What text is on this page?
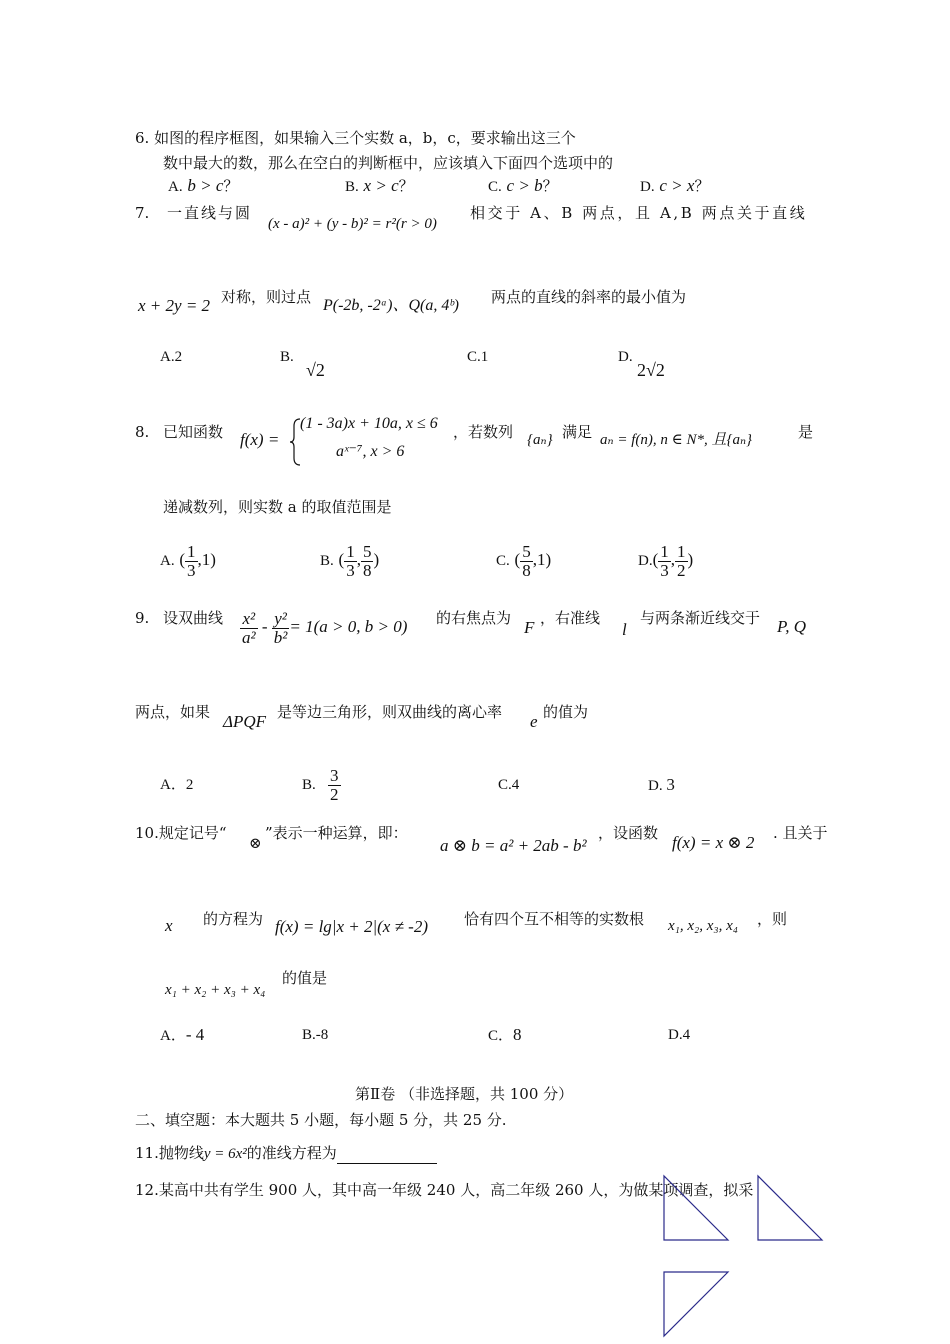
6. 如图的程序框图，如果输入三个实数 a，b，c，要求输出这三个
数中最大的数，那么在空白的判断框中，应该填入下面四个选项中的
A. b > c？	B. x > c？	C. c > b？	D. c > x？
7. 一直线与圆
(x - a)² + (y - b)² = r²(r > 0)
相交于 A、B 两点，且 A,B 两点关于直线
x + 2y = 2 对称，则过点 P(-2b, -2ᵃ)、Q(a, 4ᵇ) 两点的直线的斜率的最小值为
A.2	B.
√2
C.1	D.
2√2
8. 已知函数 f(x) =
(1 - 3a)x + 10a, x ≤ 6
aˣ⁻⁷, x > 6
，若数列 {aₙ} 满足 aₙ = f(n), n ∈ N*, 且{aₙ}	是
递减数列，则实数 a 的取值范围是
A. ( $\frac{1}{3} ,1$)	B. ( $\frac{1}{3}$ , $\frac{5}{8}$ )	C. ( $\frac{5}{8} ,1$)	$D.( \frac{1}{3}$ , $\frac{1}{2}$ )
9. 设双曲线 $\frac{\text{x²}}{\text{a²}} - \frac{\text{y²}}{\text{b²}} = 1(a > 0$, b > 0) 的右焦点为 F ，右准线
l
与两条渐近线交于 P, Q
两点，如果 ΔPQF 是等边三角形，则双曲线的离心率 e 的值为
A．2	B. $\frac{3}{2}$	C.4	D. 3
10.规定记号“
⊗
”表示一种运算，即：
a ⊗ b = a² + 2ab - b²
，设函数 f(x) = x ⊗ 2 . 且关于
x 的方程为 f(x) = lg|x + 2|(x ≠ -2) 恰有四个互不相等的实数根 x₁, x₂, x₃, x₄ ，则
x₁ + x₂ + x₃ + x₄
的值是
A．- 4	B.-8	C．8	D.4
第Ⅱ卷 （非选择题，共 100 分）
二、填空题：本大题共 5 小题，每小题 5 分，共 25 分.
11.抛物线y = 6x²的准线方程为
12.某高中共有学生 900 人，其中高一年级 240 人，高二年级 260 人，为做某项调查，拟采
